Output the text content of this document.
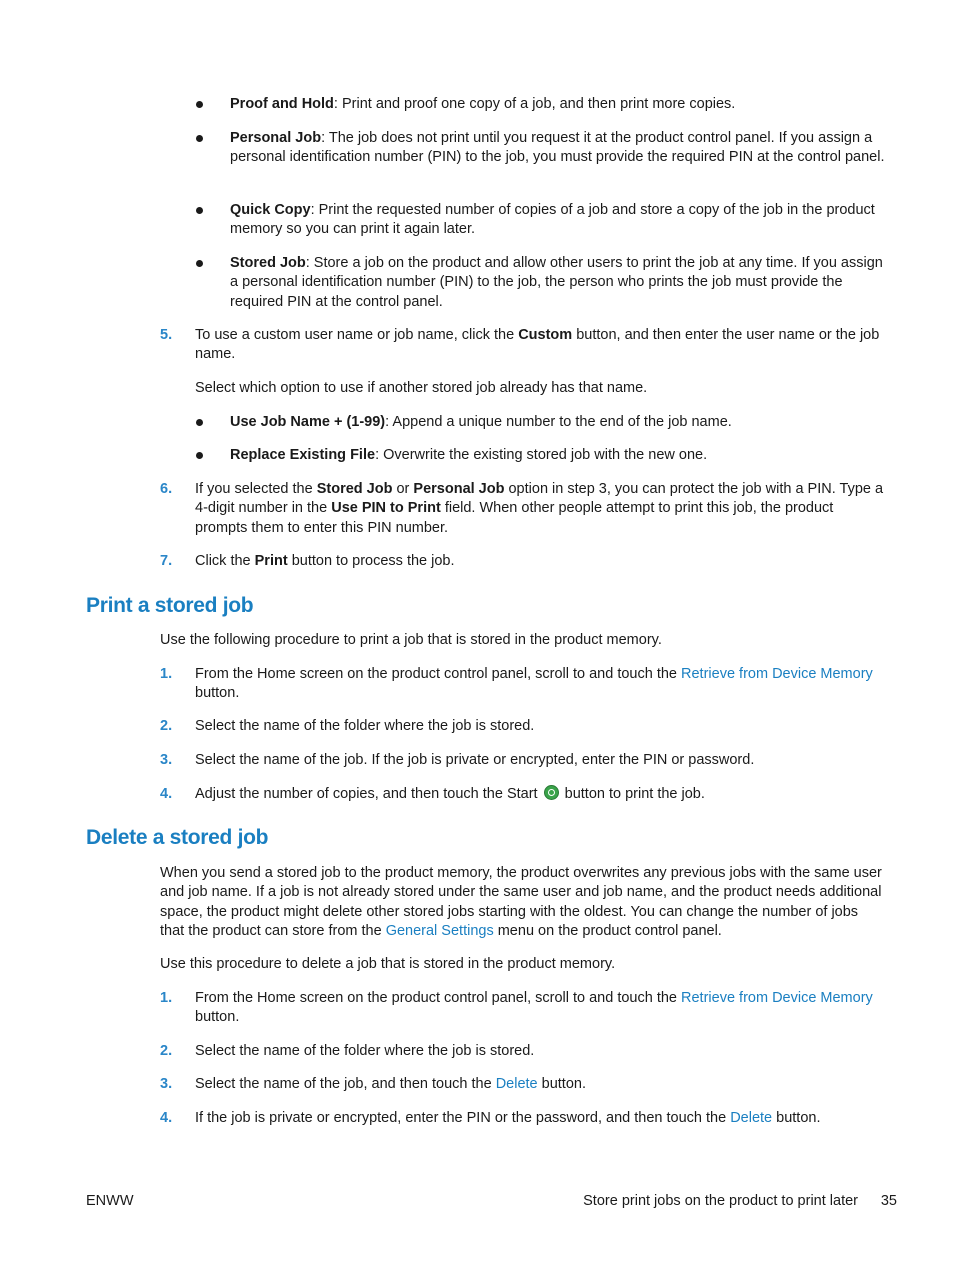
Proof and Hold: Print and proof one copy of a job, and then print more copies.
Personal Job: The job does not print until you request it at the product control panel. If you assign a personal identification number (PIN) to the job, you must provide the required PIN at the control panel.
Quick Copy: Print the requested number of copies of a job and store a copy of the job in the product memory so you can print it again later.
Stored Job: Store a job on the product and allow other users to print the job at any time. If you assign a personal identification number (PIN) to the job, the person who prints the job must provide the required PIN at the control panel.
5. To use a custom user name or job name, click the Custom button, and then enter the user name or the job name.
Select which option to use if another stored job already has that name.
Use Job Name + (1-99): Append a unique number to the end of the job name.
Replace Existing File: Overwrite the existing stored job with the new one.
6. If you selected the Stored Job or Personal Job option in step 3, you can protect the job with a PIN. Type a 4-digit number in the Use PIN to Print field. When other people attempt to print this job, the product prompts them to enter this PIN number.
7. Click the Print button to process the job.
Print a stored job
Use the following procedure to print a job that is stored in the product memory.
1. From the Home screen on the product control panel, scroll to and touch the Retrieve from Device Memory button.
2. Select the name of the folder where the job is stored.
3. Select the name of the job. If the job is private or encrypted, enter the PIN or password.
4. Adjust the number of copies, and then touch the Start  button to print the job.
Delete a stored job
When you send a stored job to the product memory, the product overwrites any previous jobs with the same user and job name. If a job is not already stored under the same user and job name, and the product needs additional space, the product might delete other stored jobs starting with the oldest. You can change the number of jobs that the product can store from the General Settings menu on the product control panel.
Use this procedure to delete a job that is stored in the product memory.
1. From the Home screen on the product control panel, scroll to and touch the Retrieve from Device Memory button.
2. Select the name of the folder where the job is stored.
3. Select the name of the job, and then touch the Delete button.
4. If the job is private or encrypted, enter the PIN or the password, and then touch the Delete button.
ENWW	Store print jobs on the product to print later 35
